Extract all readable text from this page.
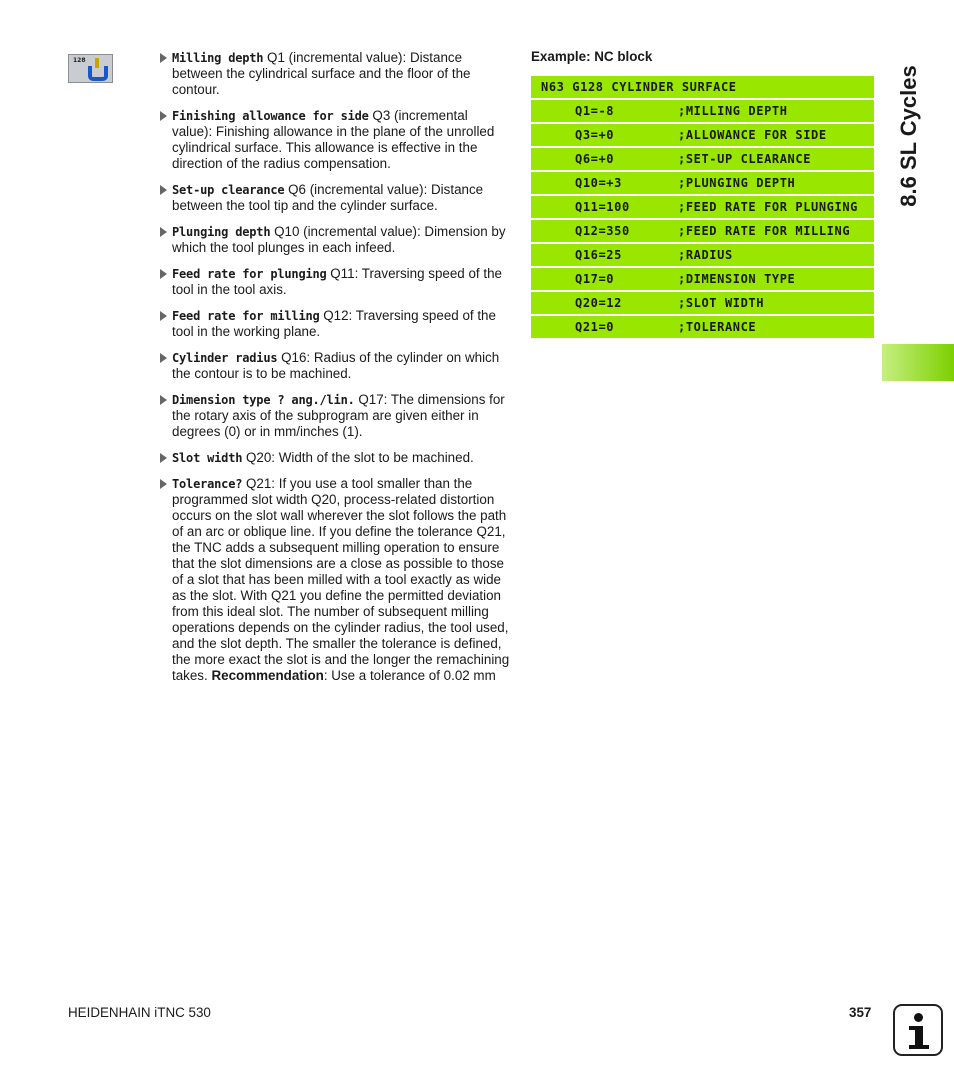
128	Milling depth Q1 (incremental value): Distance between the cylindrical surface and the floor of the contour.
Finishing allowance for side Q3 (incremental value): Finishing allowance in the plane of the unrolled cylindrical surface. This allowance is effective in the direction of the radius compensation.
Set-up clearance Q6 (incremental value): Distance between the tool tip and the cylinder surface.
Plunging depth Q10 (incremental value): Dimension by which the tool plunges in each infeed.
Feed rate for plunging Q11: Traversing speed of the tool in the tool axis.
Feed rate for milling Q12: Traversing speed of the tool in the working plane.
Cylinder radius Q16: Radius of the cylinder on which the contour is to be machined.
Dimension type ? ang./lin. Q17: The dimensions for the rotary axis of the subprogram are given either in degrees (0) or in mm/inches (1).
Slot width Q20: Width of the slot to be machined.
Tolerance? Q21: If you use a tool smaller than the programmed slot width Q20, process-related distortion occurs on the slot wall wherever the slot follows the path of an arc or oblique line. If you define the tolerance Q21, the TNC adds a subsequent milling operation to ensure that the slot dimensions are a close as possible to those of a slot that has been milled with a tool exactly as wide as the slot. With Q21 you define the permitted deviation from this ideal slot. The number of subsequent milling operations depends on the cylinder radius, the tool used, and the slot depth. The smaller the tolerance is defined, the more exact the slot is and the longer the remachining takes. Recommendation: Use a tolerance of 0.02 mm
Example: NC block
N63 G128 CYLINDER SURFACE
Q1=-8	;MILLING DEPTH
Q3=+0	;ALLOWANCE FOR SIDE
Q6=+0	;SET-UP CLEARANCE
Q10=+3	;PLUNGING DEPTH
Q11=100	;FEED RATE FOR PLUNGING
Q12=350	;FEED RATE FOR MILLING
Q16=25	;RADIUS
Q17=0	;DIMENSION TYPE
Q20=12	;SLOT WIDTH
Q21=0	;TOLERANCE
8.6 SL Cycles
HEIDENHAIN iTNC 530	357
